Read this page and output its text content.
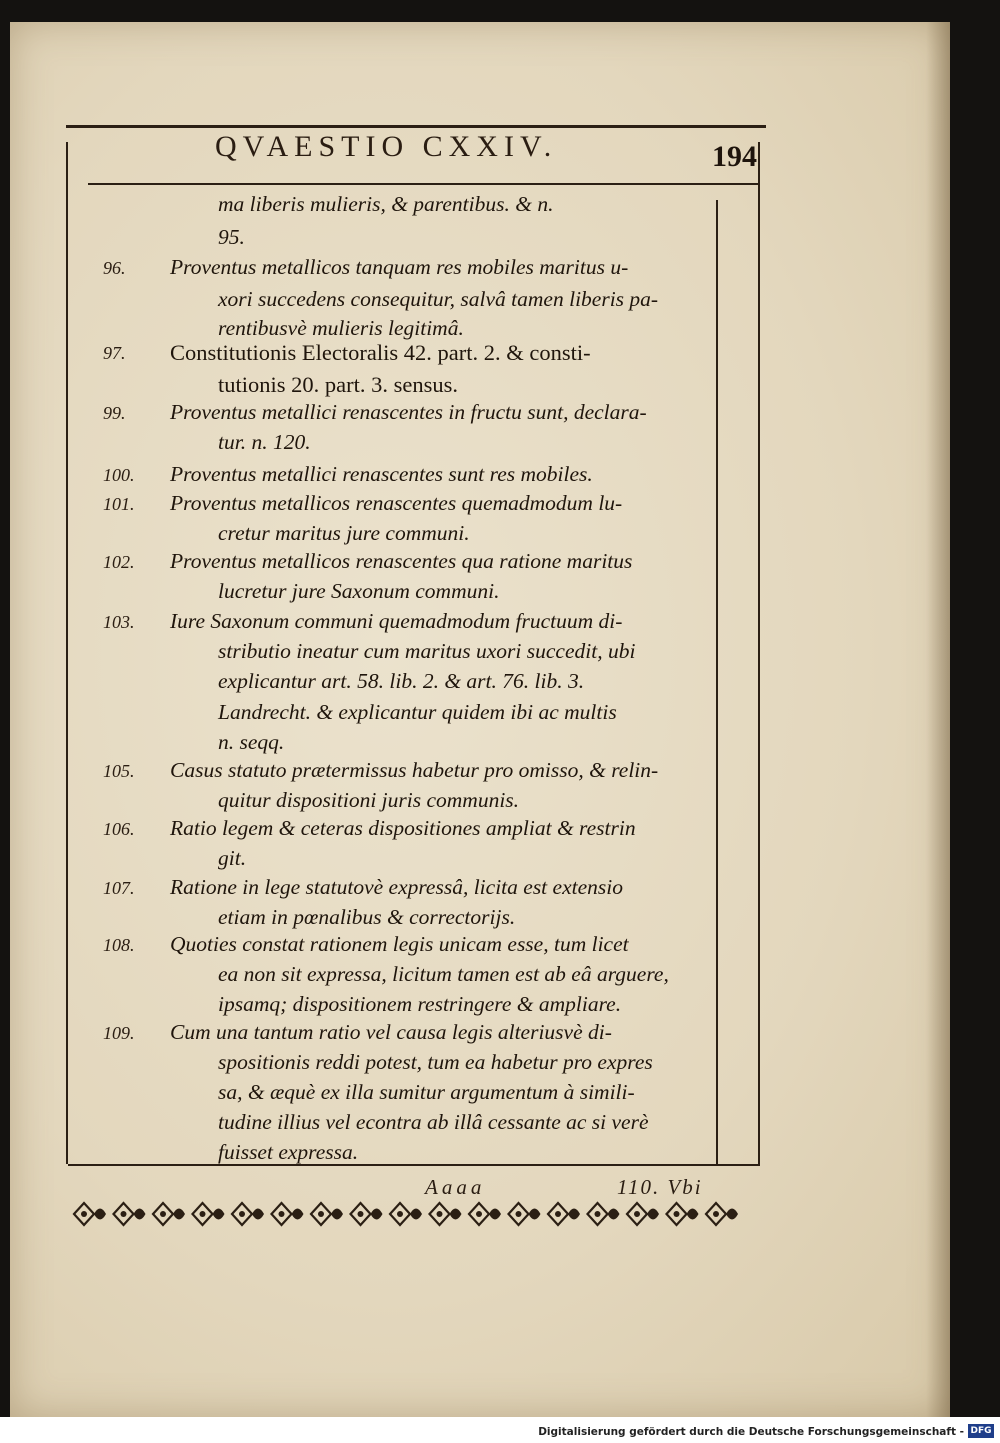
QVAESTIO CXXIV.	194
ma liberis mulieris, & parentibus. & n.
95.
96. Proventus metallicos tanquam res mobiles maritus u-
xori succedens consequitur, salvâ tamen liberis pa-
rentibusvè mulieris legitimâ.
97. Constitutionis Electoralis 42. part. 2. & consti-
tutionis 20. part. 3. sensus.
99. Proventus metallici renascentes in fructu sunt, declara-
tur. n. 120.
100. Proventus metallici renascentes sunt res mobiles.
101. Proventus metallicos renascentes quemadmodum lu-
cretur maritus jure communi.
102. Proventus metallicos renascentes qua ratione maritus
lucretur jure Saxonum communi.
103. Iure Saxonum communi quemadmodum fructuum di-
stributio ineatur cum maritus uxori succedit, ubi
explicantur art. 58. lib. 2. & art. 76. lib. 3.
Landrecht. & explicantur quidem ibi ac multis
n. seqq.
105. Casus statuto prætermissus habetur pro omisso, & relin-
quitur dispositioni juris communis.
106. Ratio legem & ceteras dispositiones ampliat & restrin
git.
107. Ratione in lege statutovè expressâ, licita est extensio
etiam in pœnalibus & correctorijs.
108. Quoties constat rationem legis unicam esse, tum licet
ea non sit expressa, licitum tamen est ab eâ arguere,
ipsamq; dispositionem restringere & ampliare.
109. Cum una tantum ratio vel causa legis alteriusvè di-
spositionis reddi potest, tum ea habetur pro expres
sa, & æquè ex illa sumitur argumentum à simili-
tudine illius vel econtra ab illâ cessante ac si verè
fuisset expressa.
Aaaa	110. Vbi
Digitalisierung gefördert durch die Deutsche Forschungsgemeinschaft - DFG
